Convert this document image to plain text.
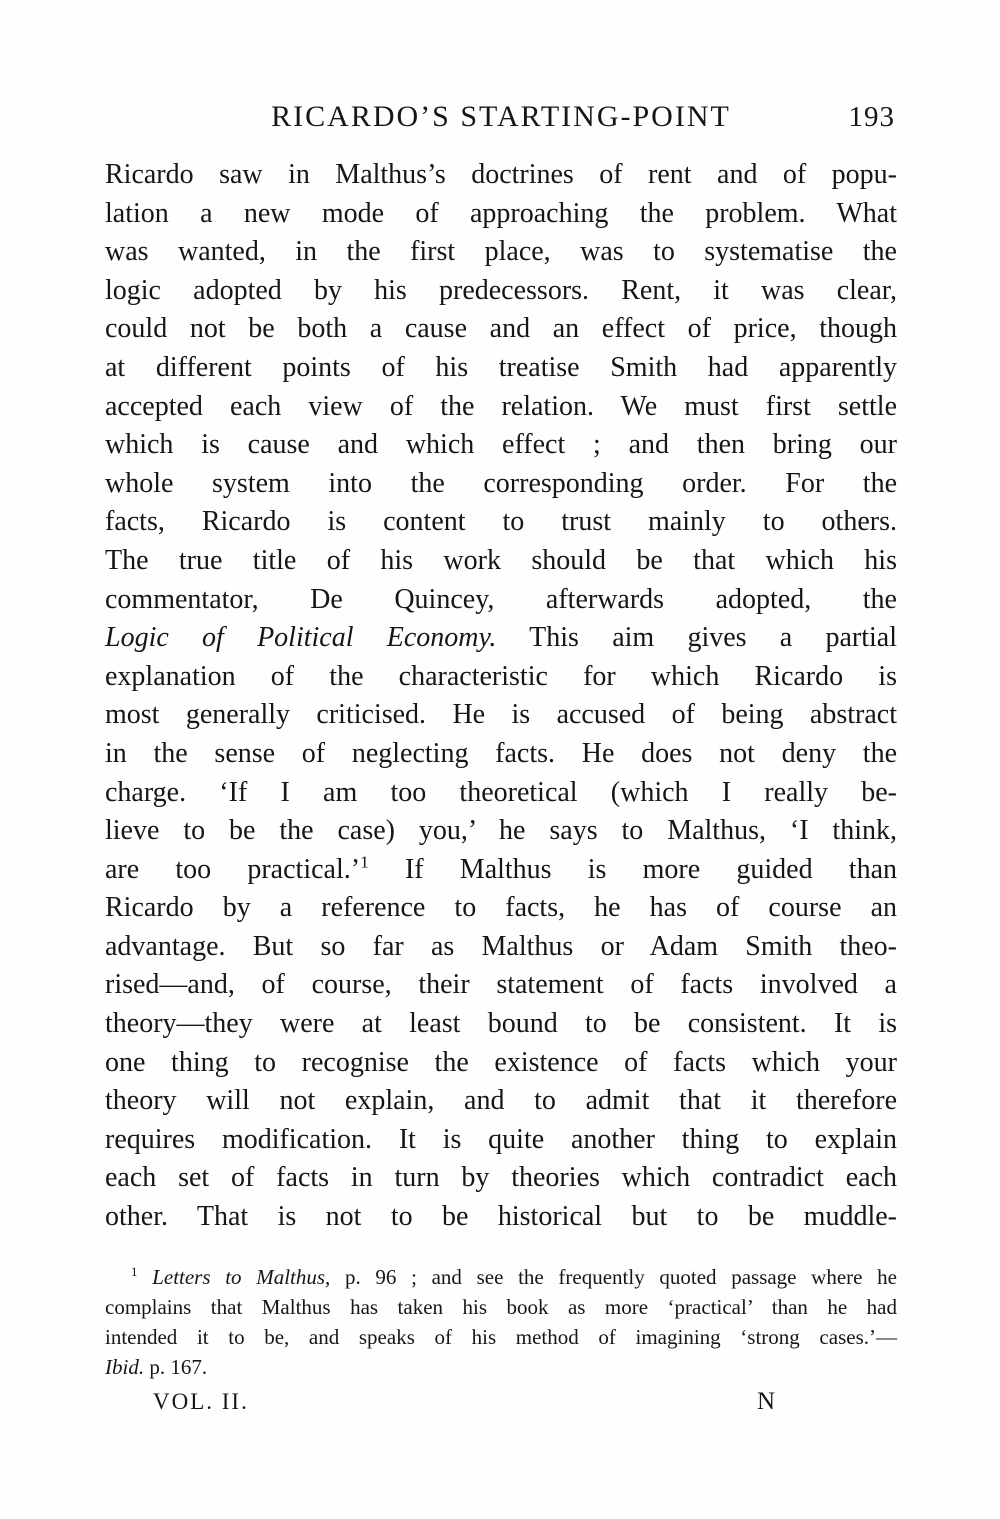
RICARDO’S STARTING-POINT	193
Ricardo saw in Malthus’s doctrines of rent and of popu-
lation a new mode of approaching the problem. What
was wanted, in the first place, was to systematise the
logic adopted by his predecessors. Rent, it was clear,
could not be both a cause and an effect of price, though
at different points of his treatise Smith had apparently
accepted each view of the relation. We must first settle
which is cause and which effect ; and then bring our
whole system into the corresponding order. For the
facts, Ricardo is content to trust mainly to others.
The true title of his work should be that which his
commentator, De Quincey, afterwards adopted, the
Logic of Political Economy. This aim gives a partial
explanation of the characteristic for which Ricardo is
most generally criticised. He is accused of being abstract
in the sense of neglecting facts. He does not deny the
charge. ‘If I am too theoretical (which I really be-
lieve to be the case) you,’ he says to Malthus, ‘I think,
are too practical.’$^1$ If Malthus is more guided than
Ricardo by a reference to facts, he has of course an
advantage. But so far as Malthus or Adam Smith theo-
rised—and, of course, their statement of facts involved a
theory—they were at least bound to be consistent. It is
one thing to recognise the existence of facts which your
theory will not explain, and to admit that it therefore
requires modification. It is quite another thing to explain
each set of facts in turn by theories which contradict each
other. That is not to be historical but to be muddle-
$^1$ Letters to Malthus, p. 96 ; and see the frequently quoted passage where he
complains that Malthus has taken his book as more ‘practical’ than he had
intended it to be, and speaks of his method of imagining ‘strong cases.’—
Ibid. p. 167.
VOL. II.	N
